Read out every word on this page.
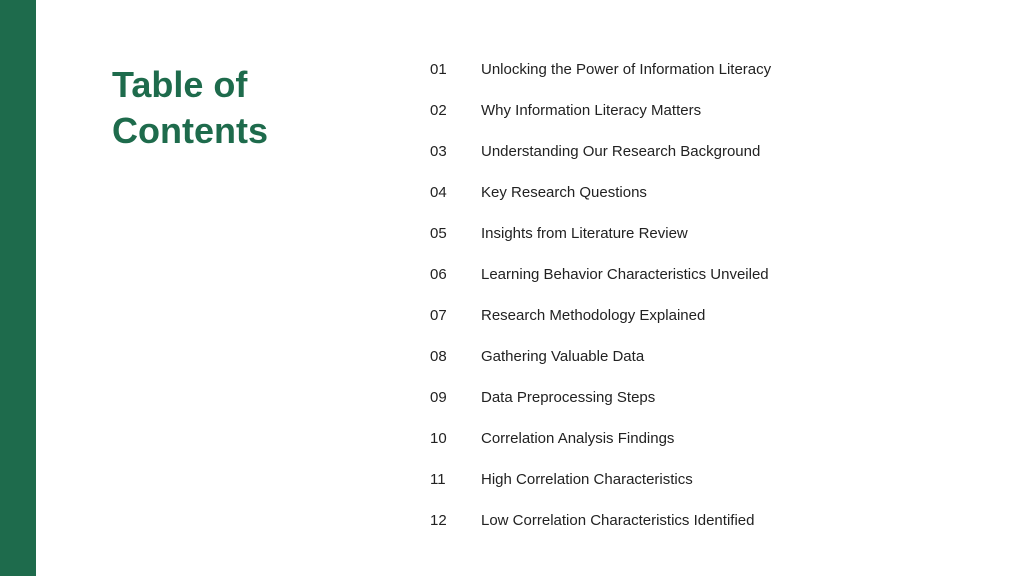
Table of
Contents
01	Unlocking the Power of Information Literacy
02	Why Information Literacy Matters
03	Understanding Our Research Background
04	Key Research Questions
05	Insights from Literature Review
06	Learning Behavior Characteristics Unveiled
07	Research Methodology Explained
08	Gathering Valuable Data
09	Data Preprocessing Steps
10	Correlation Analysis Findings
11	High Correlation Characteristics
12	Low Correlation Characteristics Identified
